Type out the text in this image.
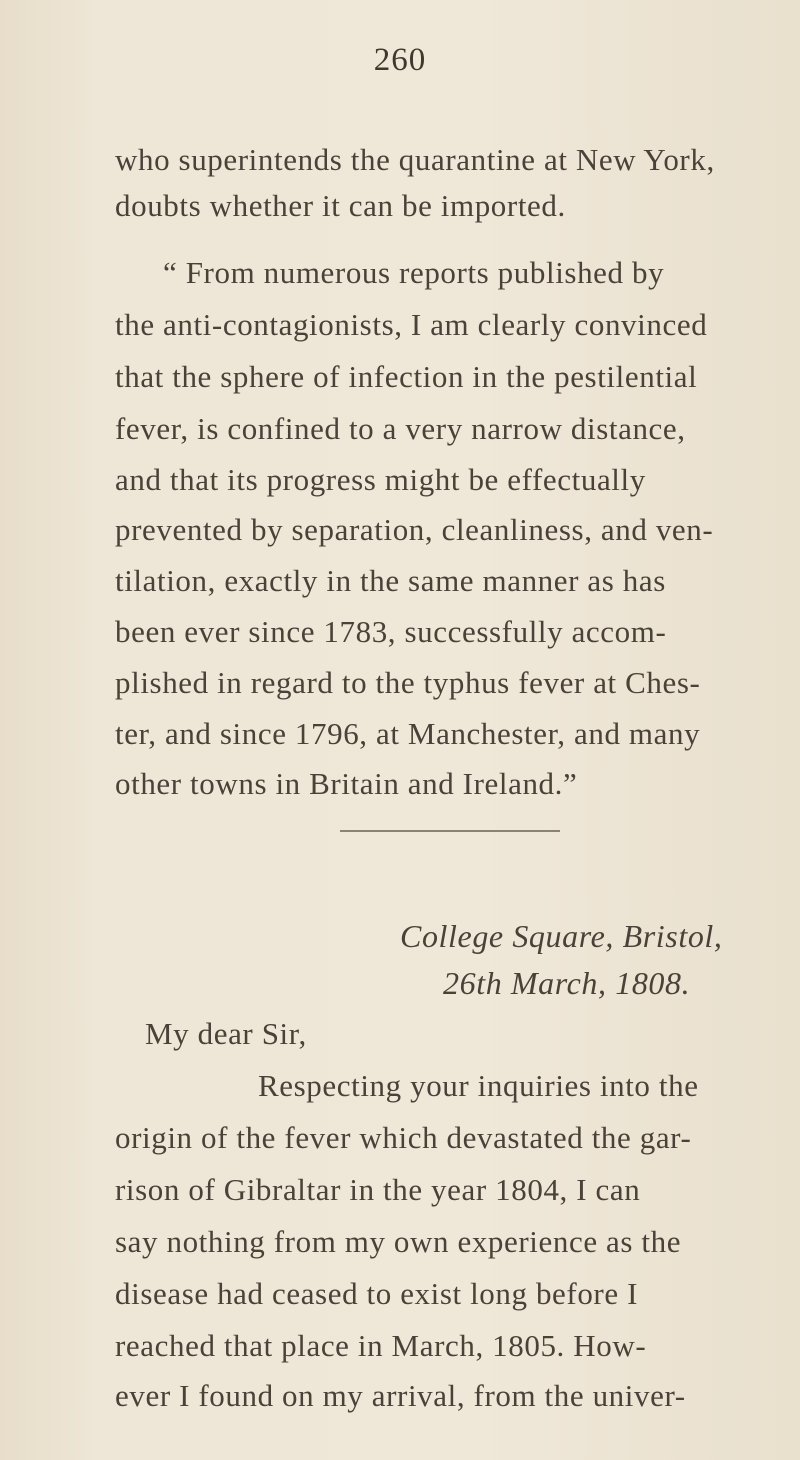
260
who superintends the quarantine at New York,
doubts whether it can be imported.
“ From numerous reports published by
the anti-contagionists, I am clearly convinced
that the sphere of infection in the pestilential
fever, is confined to a very narrow distance,
and that its progress might be effectually
prevented by separation, cleanliness, and ven-
tilation, exactly in the same manner as has
been ever since 1783, successfully accom-
plished in regard to the typhus fever at Ches-
ter, and since 1796, at Manchester, and many
other towns in Britain and Ireland.”
College Square, Bristol,
26th March, 1808.
My dear Sir,
Respecting your inquiries into the
origin of the fever which devastated the gar-
rison of Gibraltar in the year 1804, I can
say nothing from my own experience as the
disease had ceased to exist long before I
reached that place in March, 1805. How-
ever I found on my arrival, from the univer-
